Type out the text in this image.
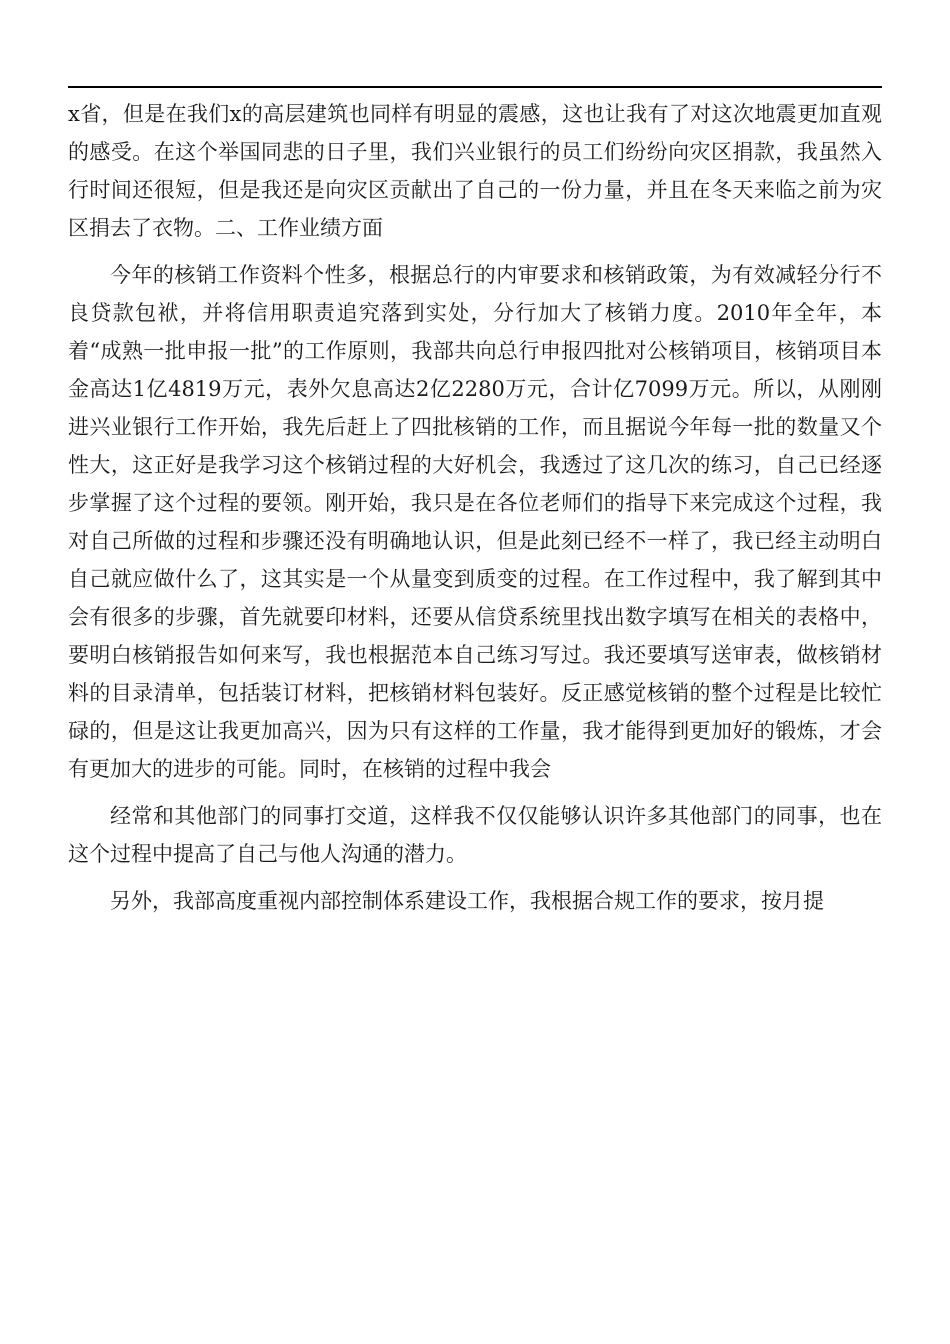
x省，但是在我们x的高层建筑也同样有明显的震感，这也让我有了对这次地震更加直观的感受。在这个举国同悲的日子里，我们兴业银行的员工们纷纷向灾区捐款，我虽然入行时间还很短，但是我还是向灾区贡献出了自己的一份力量，并且在冬天来临之前为灾区捐去了衣物。二、工作业绩方面

今年的核销工作资料个性多，根据总行的内审要求和核销政策，为有效减轻分行不良贷款包袱，并将信用职责追究落到实处，分行加大了核销力度。2010年全年，本着“成熟一批申报一批”的工作原则，我部共向总行申报四批对公核销项目，核销项目本金高达1亿4819万元，表外欠息高达2亿2280万元，合计亿7099万元。所以，从刚刚进兴业银行工作开始，我先后赶上了四批核销的工作，而且据说今年每一批的数量又个性大，这正好是我学习这个核销过程的大好机会，我透过了这几次的练习，自己已经逐步掌握了这个过程的要领。刚开始，我只是在各位老师们的指导下来完成这个过程，我对自己所做的过程和步骤还没有明确地认识，但是此刻已经不一样了，我已经主动明白自己就应做什么了，这其实是一个从量变到质变的过程。在工作过程中，我了解到其中会有很多的步骤，首先就要印材料，还要从信贷系统里找出数字填写在相关的表格中，要明白核销报告如何来写，我也根据范本自己练习写过。我还要填写送审表，做核销材料的目录清单，包括装订材料，把核销材料包装好。反正感觉核销的整个过程是比较忙碌的，但是这让我更加高兴，因为只有这样的工作量，我才能得到更加好的锻炼，才会有更加大的进步的可能。同时，在核销的过程中我会

经常和其他部门的同事打交道，这样我不仅仅能够认识许多其他部门的同事，也在这个过程中提高了自己与他人沟通的潜力。

另外，我部高度重视内部控制体系建设工作，我根据合规工作的要求，按月提
